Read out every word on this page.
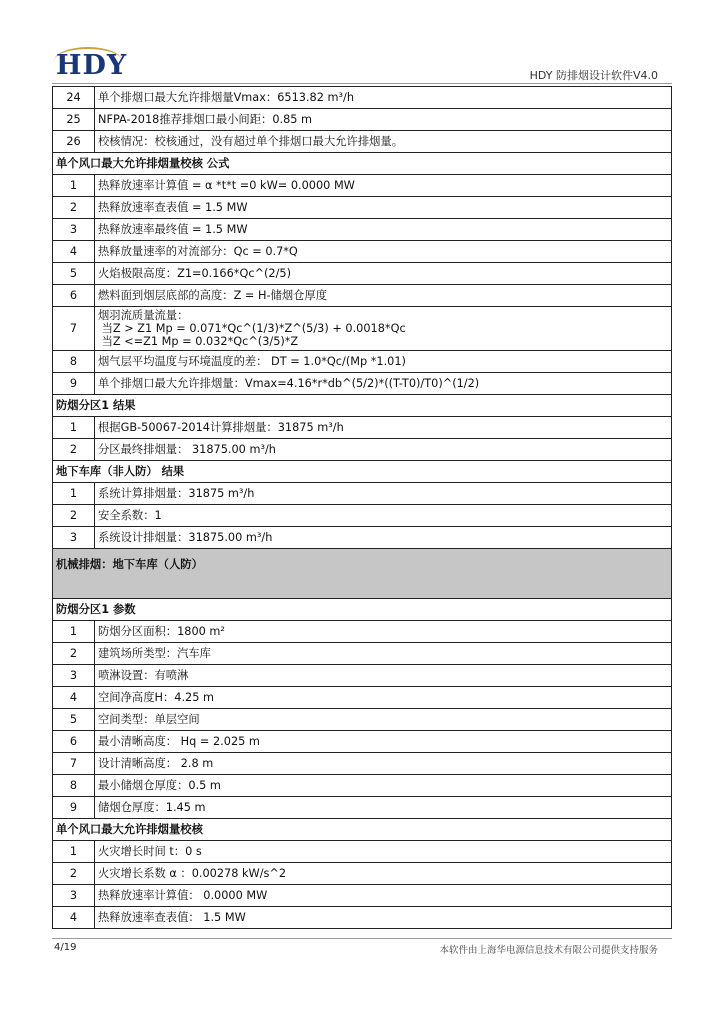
HDY	HDY 防排烟设计软件V4.0
24	单个排烟口最大允许排烟量Vmax：6513.82 m³/h
25	NFPA-2018推荐排烟口最小间距：0.85 m
26	校核情况：校核通过，没有超过单个排烟口最大允许排烟量。
单个风口最大允许排烟量校核 公式	
1	热释放速率计算值 = α *t*t =0 kW= 0.0000 MW
2	热释放速率查表值 = 1.5 MW
3	热释放速率最终值 = 1.5 MW
4	热释放量速率的对流部分：Qc = 0.7*Q
5	火焰极限高度：Z1=0.166*Qc^(2/5)
6	燃料面到烟层底部的高度：Z = H-储烟仓厚度
7	烟羽流质量流量：
当Z > Z1 Mp = 0.071*Qc^(1/3)*Z^(5/3) + 0.0018*Qc
当Z <=Z1 Mp = 0.032*Qc^(3/5)*Z
8	烟气层平均温度与环境温度的差： DT = 1.0*Qc/(Mp *1.01)
9	单个排烟口最大允许排烟量：Vmax=4.16*r*db^(5/2)*((T-T0)/T0)^(1/2)
防烟分区1 结果	
1	根据GB-50067-2014计算排烟量：31875 m³/h
2	分区最终排烟量： 31875.00 m³/h
地下车库（非人防） 结果	
1	系统计算排烟量：31875 m³/h
2	安全系数：1
3	系统设计排烟量：31875.00 m³/h
机械排烟：地下车库（人防）	
防烟分区1 参数	
1	防烟分区面积：1800 m²
2	建筑场所类型：汽车库
3	喷淋设置：有喷淋
4	空间净高度H：4.25 m
5	空间类型：单层空间
6	最小清晰高度： Hq = 2.025 m
7	设计清晰高度： 2.8 m
8	最小储烟仓厚度：0.5 m
9	储烟仓厚度：1.45 m
单个风口最大允许排烟量校核	
1	火灾增长时间 t：0 s
2	火灾增长系数 α ：0.00278 kW/s^2
3	热释放速率计算值： 0.0000 MW
4	热释放速率查表值： 1.5 MW
4/19	本软件由上海华电源信息技术有限公司提供支持服务
